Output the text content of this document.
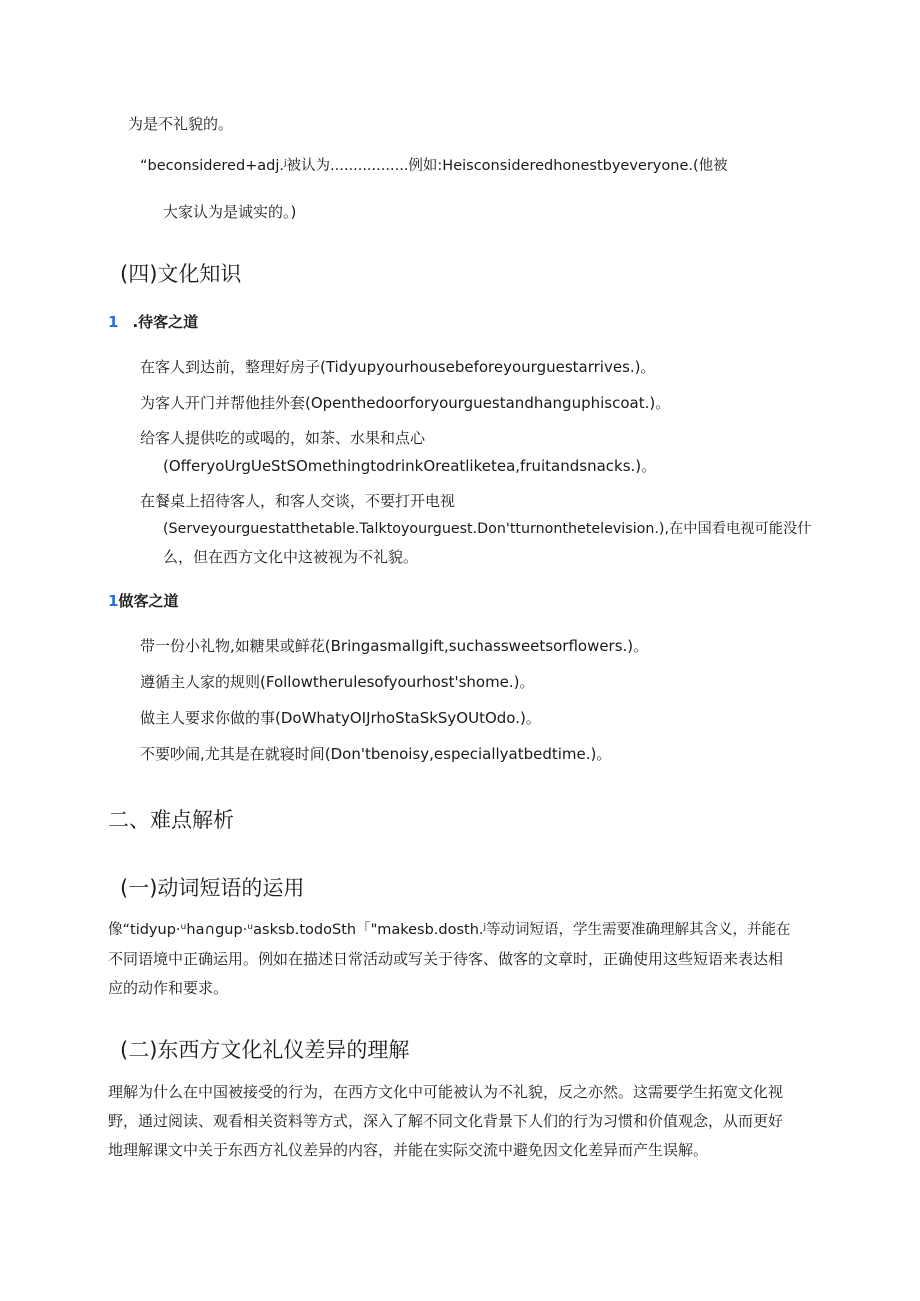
为是不礼貌的。

“beconsidered+adj.ʲ被认为.................例如:Heisconsideredhonestbyeveryone.(他被

大家认为是诚实的。)

(四)文化知识
1 .待客之道

在客人到达前，整理好房子(Tidyupyourhousebeforeyourguestarrives.)。

为客人开门并帮他挂外套(Openthedoorforyourguestandhanguphiscoat.)。

给客人提供吃的或喝的，如茶、水果和点心

(OfferyoUrgUeStSOmethingtodrinkOreatliketea,fruitandsnacks.)。

在餐桌上招待客人，和客人交谈，不要打开电视

(Serveyourguestatthetable.Talktoyourguest.Don'tturnonthetelevision.),在中国看电视可能没什

么，但在西方文化中这被视为不礼貌。

1做客之道

带一份小礼物,如糖果或鲜花(Bringasmallgift,suchassweetsorflowers.)。

遵循主人家的规则(Followtherulesofyourhost'shome.)。

做主人要求你做的事(DoWhatyOIJrhoStaSkSyOUtOdo.)。

不要吵闹,尤其是在就寝时间(Don'tbenoisy,especiallyatbedtime.)。

二、难点解析
(一)动词短语的运用

像“tidyup·ᵘha∩gup·ᵘasksb.todoSth「"makesb.dosth.ʲ等动词短语，学生需要准确理解其含义，并能在

不同语境中正确运用。例如在描述日常活动或写关于待客、做客的文章时，正确使用这些短语来表达相

应的动作和要求。

(二)东西方文化礼仪差异的理解

理解为什么在中国被接受的行为，在西方文化中可能被认为不礼貌，反之亦然。这需要学生拓宽文化视

野，通过阅读、观看相关资料等方式，深入了解不同文化背景下人们的行为习惯和价值观念，从而更好

地理解课文中关于东西方礼仪差异的内容，并能在实际交流中避免因文化差异而产生误解。
